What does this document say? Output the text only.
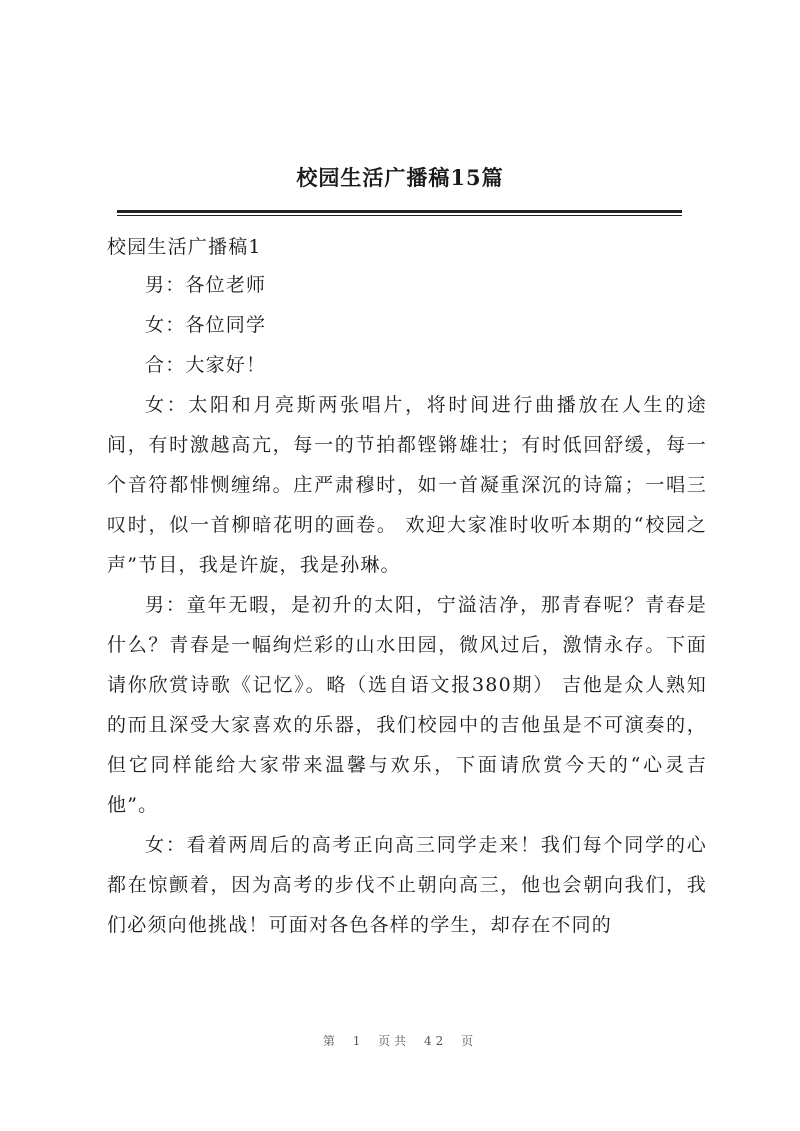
校园生活广播稿15篇
校园生活广播稿1

男：各位老师

女：各位同学

合：大家好！

女：太阳和月亮斯两张唱片，将时间进行曲播放在人生的途间，有时激越高亢，每一的节拍都铿锵雄壮；有时低回舒缓，每一个音符都悱恻缠绵。庄严肃穆时，如一首凝重深沉的诗篇；一唱三叹时，似一首柳暗花明的画卷。 欢迎大家准时收听本期的“校园之声”节目，我是许旋，我是孙琳。

男：童年无暇，是初升的太阳，宁溢洁净，那青春呢？青春是什么？青春是一幅绚烂彩的山水田园，微风过后，激情永存。下面请你欣赏诗歌《记忆》。略（选自语文报380期） 吉他是众人熟知的而且深受大家喜欢的乐器，我们校园中的吉他虽是不可演奏的，但它同样能给大家带来温馨与欢乐，下面请欣赏今天的“心灵吉他”。

女：看着两周后的高考正向高三同学走来！我们每个同学的心都在惊颤着，因为高考的步伐不止朝向高三，他也会朝向我们，我们必须向他挑战！可面对各色各样的学生，却存在不同的

第 1 页共 42 页
